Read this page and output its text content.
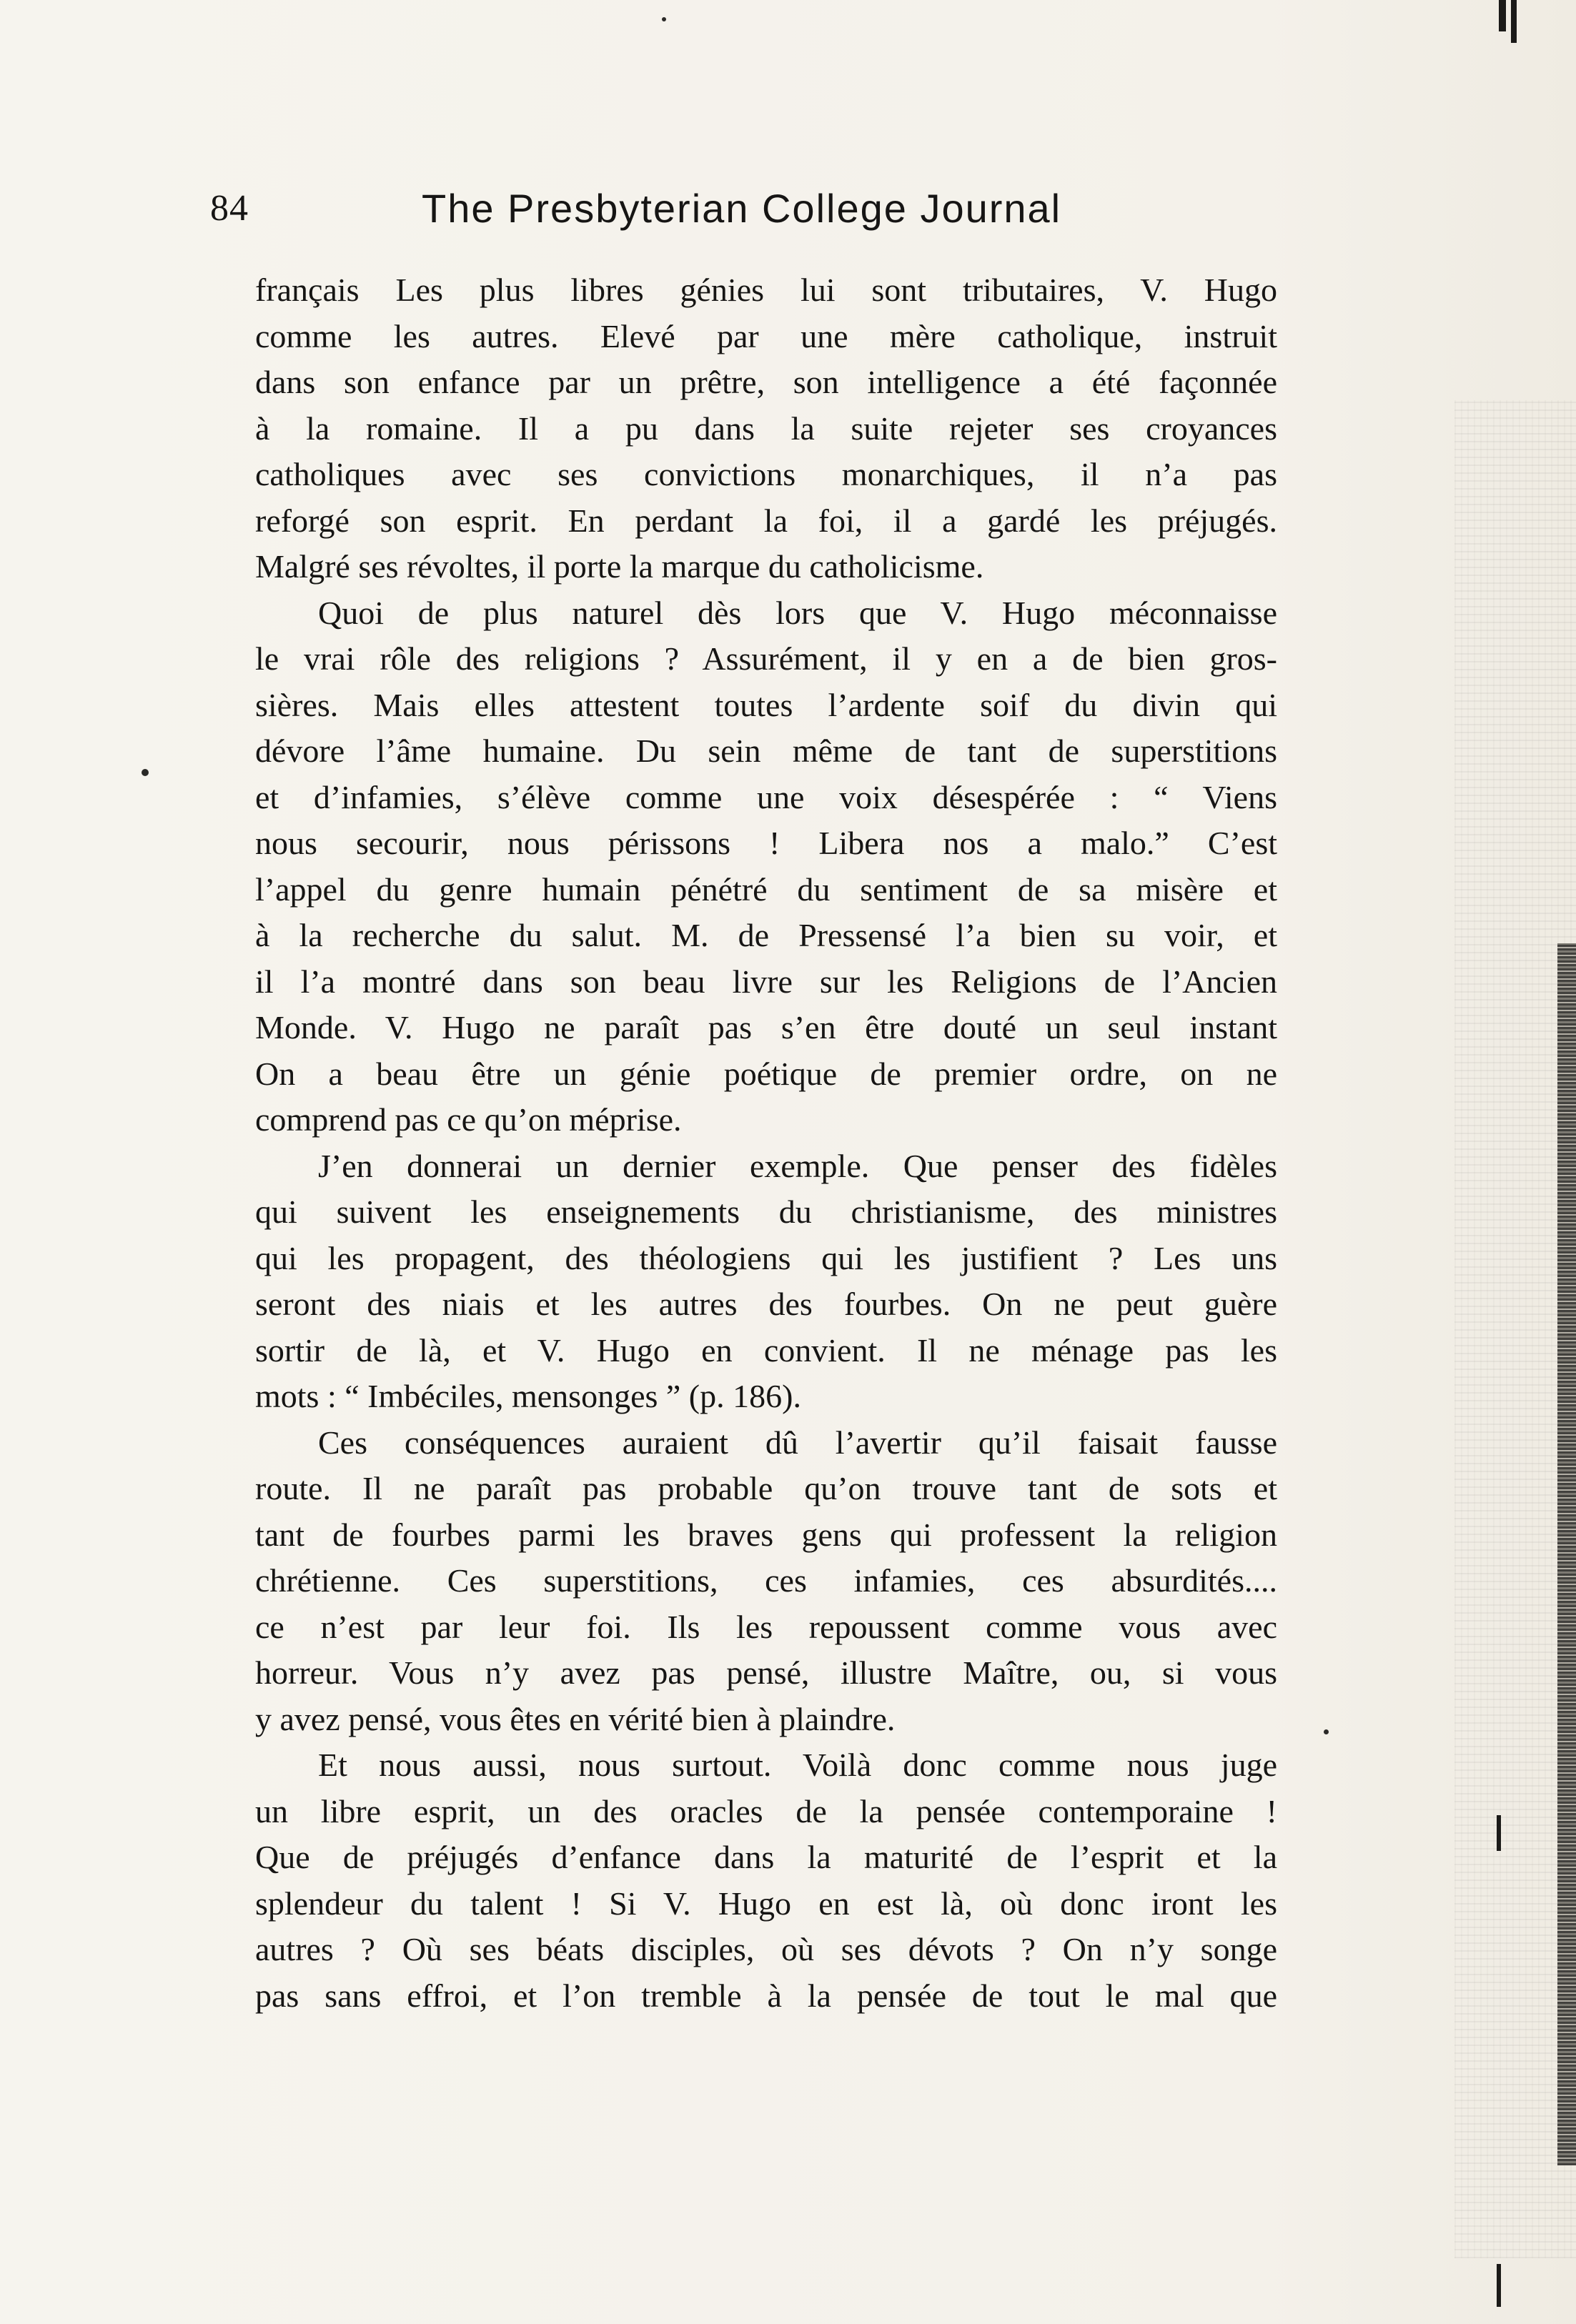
84	The Presbyterian College Journal
français Les plus libres génies lui sont tributaires, V. Hugo
comme les autres. Elevé par une mère catholique, instruit
dans son enfance par un prêtre, son intelligence a été façonnée
à la romaine. Il a pu dans la suite rejeter ses croyances
catholiques avec ses convictions monarchiques, il n’a pas
reforgé son esprit. En perdant la foi, il a gardé les préjugés.
Malgré ses révoltes, il porte la marque du catholicisme.
Quoi de plus naturel dès lors que V. Hugo méconnaisse
le vrai rôle des religions ? Assurément, il y en a de bien gros-
sières. Mais elles attestent toutes l’ardente soif du divin qui
dévore l’âme humaine. Du sein même de tant de superstitions
et d’infamies, s’élève comme une voix désespérée : “ Viens
nous secourir, nous périssons ! Libera nos a malo.” C’est
l’appel du genre humain pénétré du sentiment de sa misère et
à la recherche du salut. M. de Pressensé l’a bien su voir, et
il l’a montré dans son beau livre sur les Religions de l’Ancien
Monde. V. Hugo ne paraît pas s’en être douté un seul instant
On a beau être un génie poétique de premier ordre, on ne
comprend pas ce qu’on méprise.
J’en donnerai un dernier exemple. Que penser des fidèles
qui suivent les enseignements du christianisme, des ministres
qui les propagent, des théologiens qui les justifient ? Les uns
seront des niais et les autres des fourbes. On ne peut guère
sortir de là, et V. Hugo en convient. Il ne ménage pas les
mots : “ Imbéciles, mensonges ” (p. 186).
Ces conséquences auraient dû l’avertir qu’il faisait fausse
route. Il ne paraît pas probable qu’on trouve tant de sots et
tant de fourbes parmi les braves gens qui professent la religion
chrétienne. Ces superstitions, ces infamies, ces absurdités....
ce n’est par leur foi. Ils les repoussent comme vous avec
horreur. Vous n’y avez pas pensé, illustre Maître, ou, si vous
y avez pensé, vous êtes en vérité bien à plaindre.
Et nous aussi, nous surtout. Voilà donc comme nous juge
un libre esprit, un des oracles de la pensée contemporaine !
Que de préjugés d’enfance dans la maturité de l’esprit et la
splendeur du talent ! Si V. Hugo en est là, où donc iront les
autres ? Où ses béats disciples, où ses dévots ? On n’y songe
pas sans effroi, et l’on tremble à la pensée de tout le mal que
